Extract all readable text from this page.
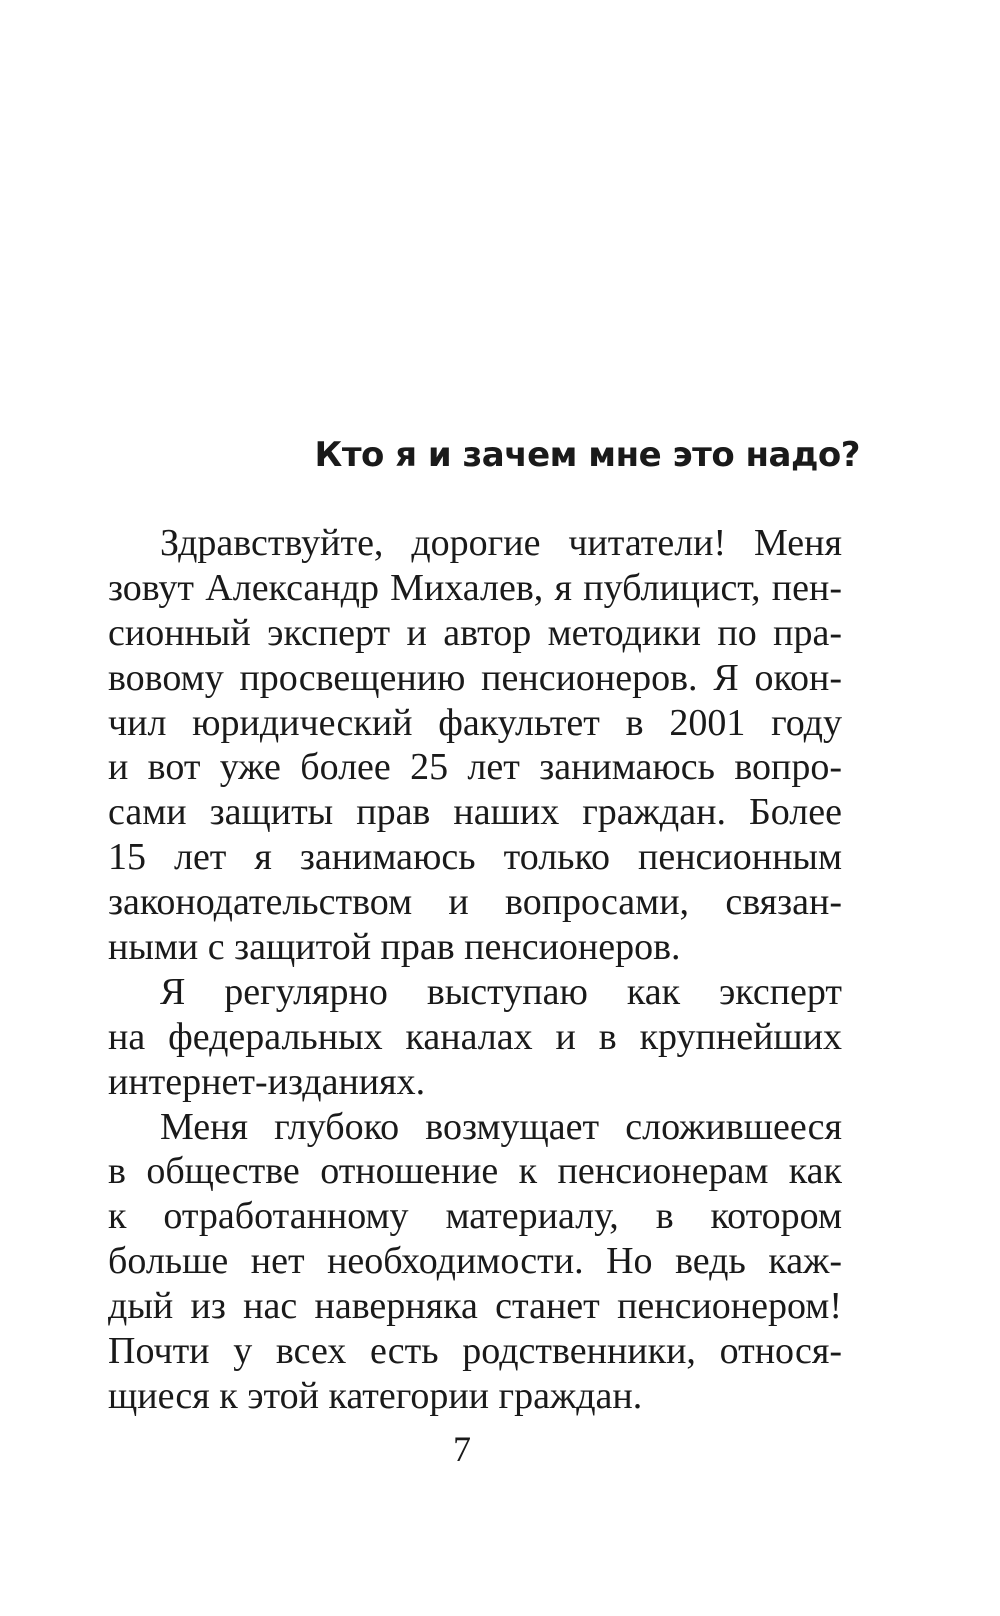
Кто я и зачем мне это надо?
Здравствуйте, дорогие читатели! Меня
зовут Александр Михалев, я публицист, пен-
сионный эксперт и автор методики по пра-
вовому просвещению пенсионеров. Я окон-
чил юридический факультет в 2001 году
и вот уже более 25 лет занимаюсь вопро-
сами защиты прав наших граждан. Более
15 лет я занимаюсь только пенсионным
законодательством и вопросами, связан-
ными с защитой прав пенсионеров.
Я регулярно выступаю как эксперт
на федеральных каналах и в крупнейших
интернет-изданиях.
Меня глубоко возмущает сложившееся
в обществе отношение к пенсионерам как
к отработанному материалу, в котором
больше нет необходимости. Но ведь каж-
дый из нас наверняка станет пенсионером!
Почти у всех есть родственники, относя-
щиеся к этой категории граждан.
7
